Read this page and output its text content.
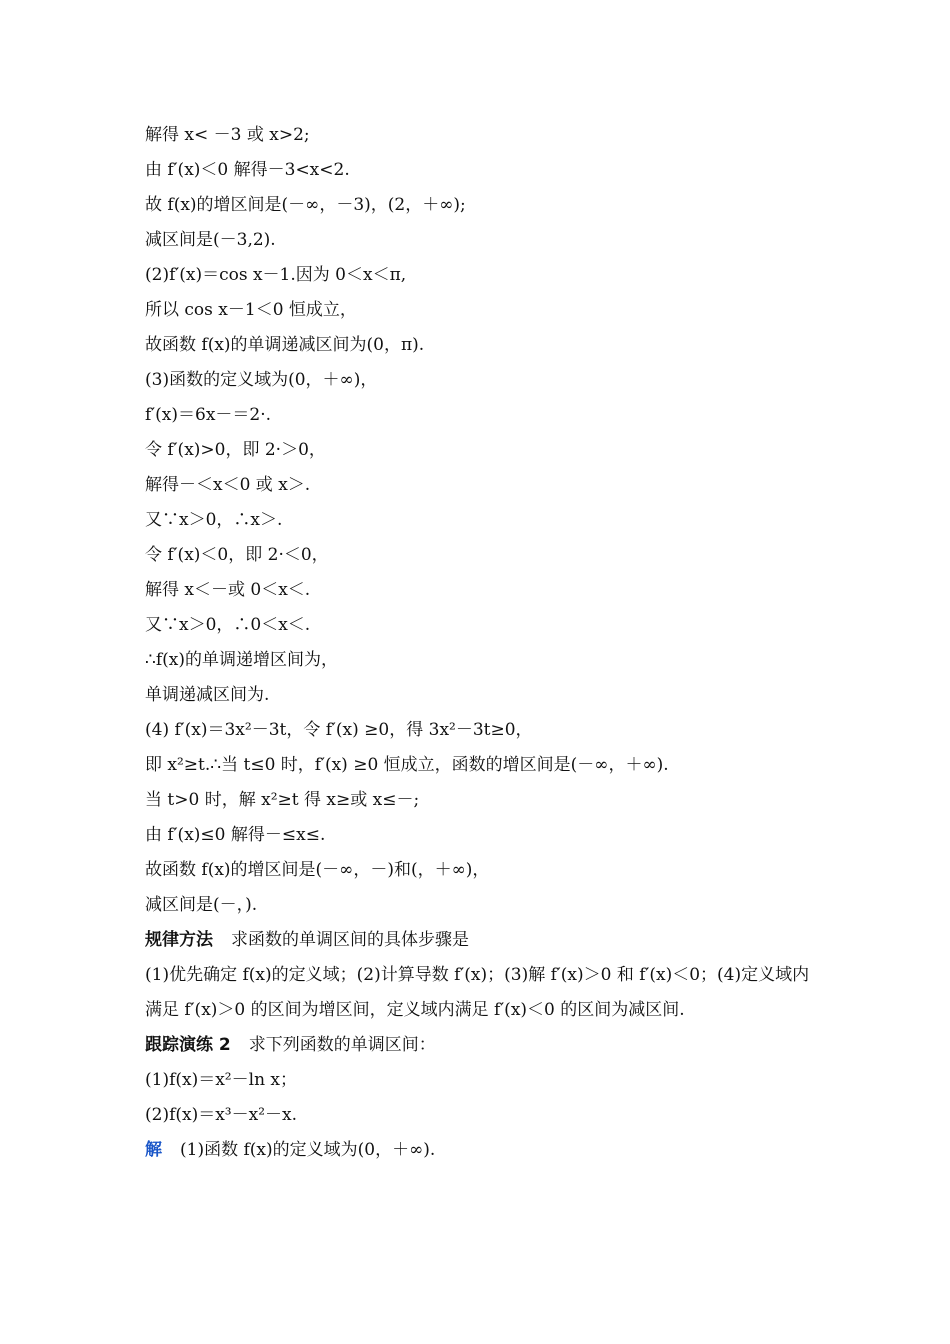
解得 x< －3 或 x>2;
由 f′(x)＜0 解得－3<x<2.
故 f(x)的增区间是(－∞，－3)，(2，＋∞);
减区间是(－3,2).
(2)f′(x)＝cos x－1.因为 0＜x＜π,
所以 cos x－1＜0 恒成立，
故函数 f(x)的单调递减区间为(0，π).
(3)函数的定义域为(0，＋∞)，
f′(x)＝6x－＝2·.
令 f′(x)>0，即 2·＞0，
解得－＜x＜0 或 x＞.
又∵x＞0，∴x＞.
令 f′(x)＜0，即 2·＜0，
解得 x＜－或 0＜x＜.
又∵x＞0，∴0＜x＜.
∴f(x)的单调递增区间为，
单调递减区间为.
(4) f′(x)＝3x²－3t，令 f′(x) ≥0，得 3x²－3t≥0，
即 x²≥t.∴当 t≤0 时，f′(x) ≥0 恒成立，函数的增区间是(－∞，＋∞).
当 t>0 时，解 x²≥t 得 x≥或 x≤－;
由 f′(x)≤0 解得－≤x≤.
故函数 f(x)的增区间是(－∞，－)和(，＋∞)，
减区间是(－，).
规律方法 求函数的单调区间的具体步骤是
(1)优先确定 f(x)的定义域；(2)计算导数 f′(x)；(3)解 f′(x)＞0 和 f′(x)＜0；(4)定义域内满足 f′(x)＞0 的区间为增区间，定义域内满足 f′(x)＜0 的区间为减区间.
跟踪演练 2 求下列函数的单调区间：
(1)f(x)＝x²－ln x；
(2)f(x)＝x³－x²－x.
解 (1)函数 f(x)的定义域为(0，＋∞).
